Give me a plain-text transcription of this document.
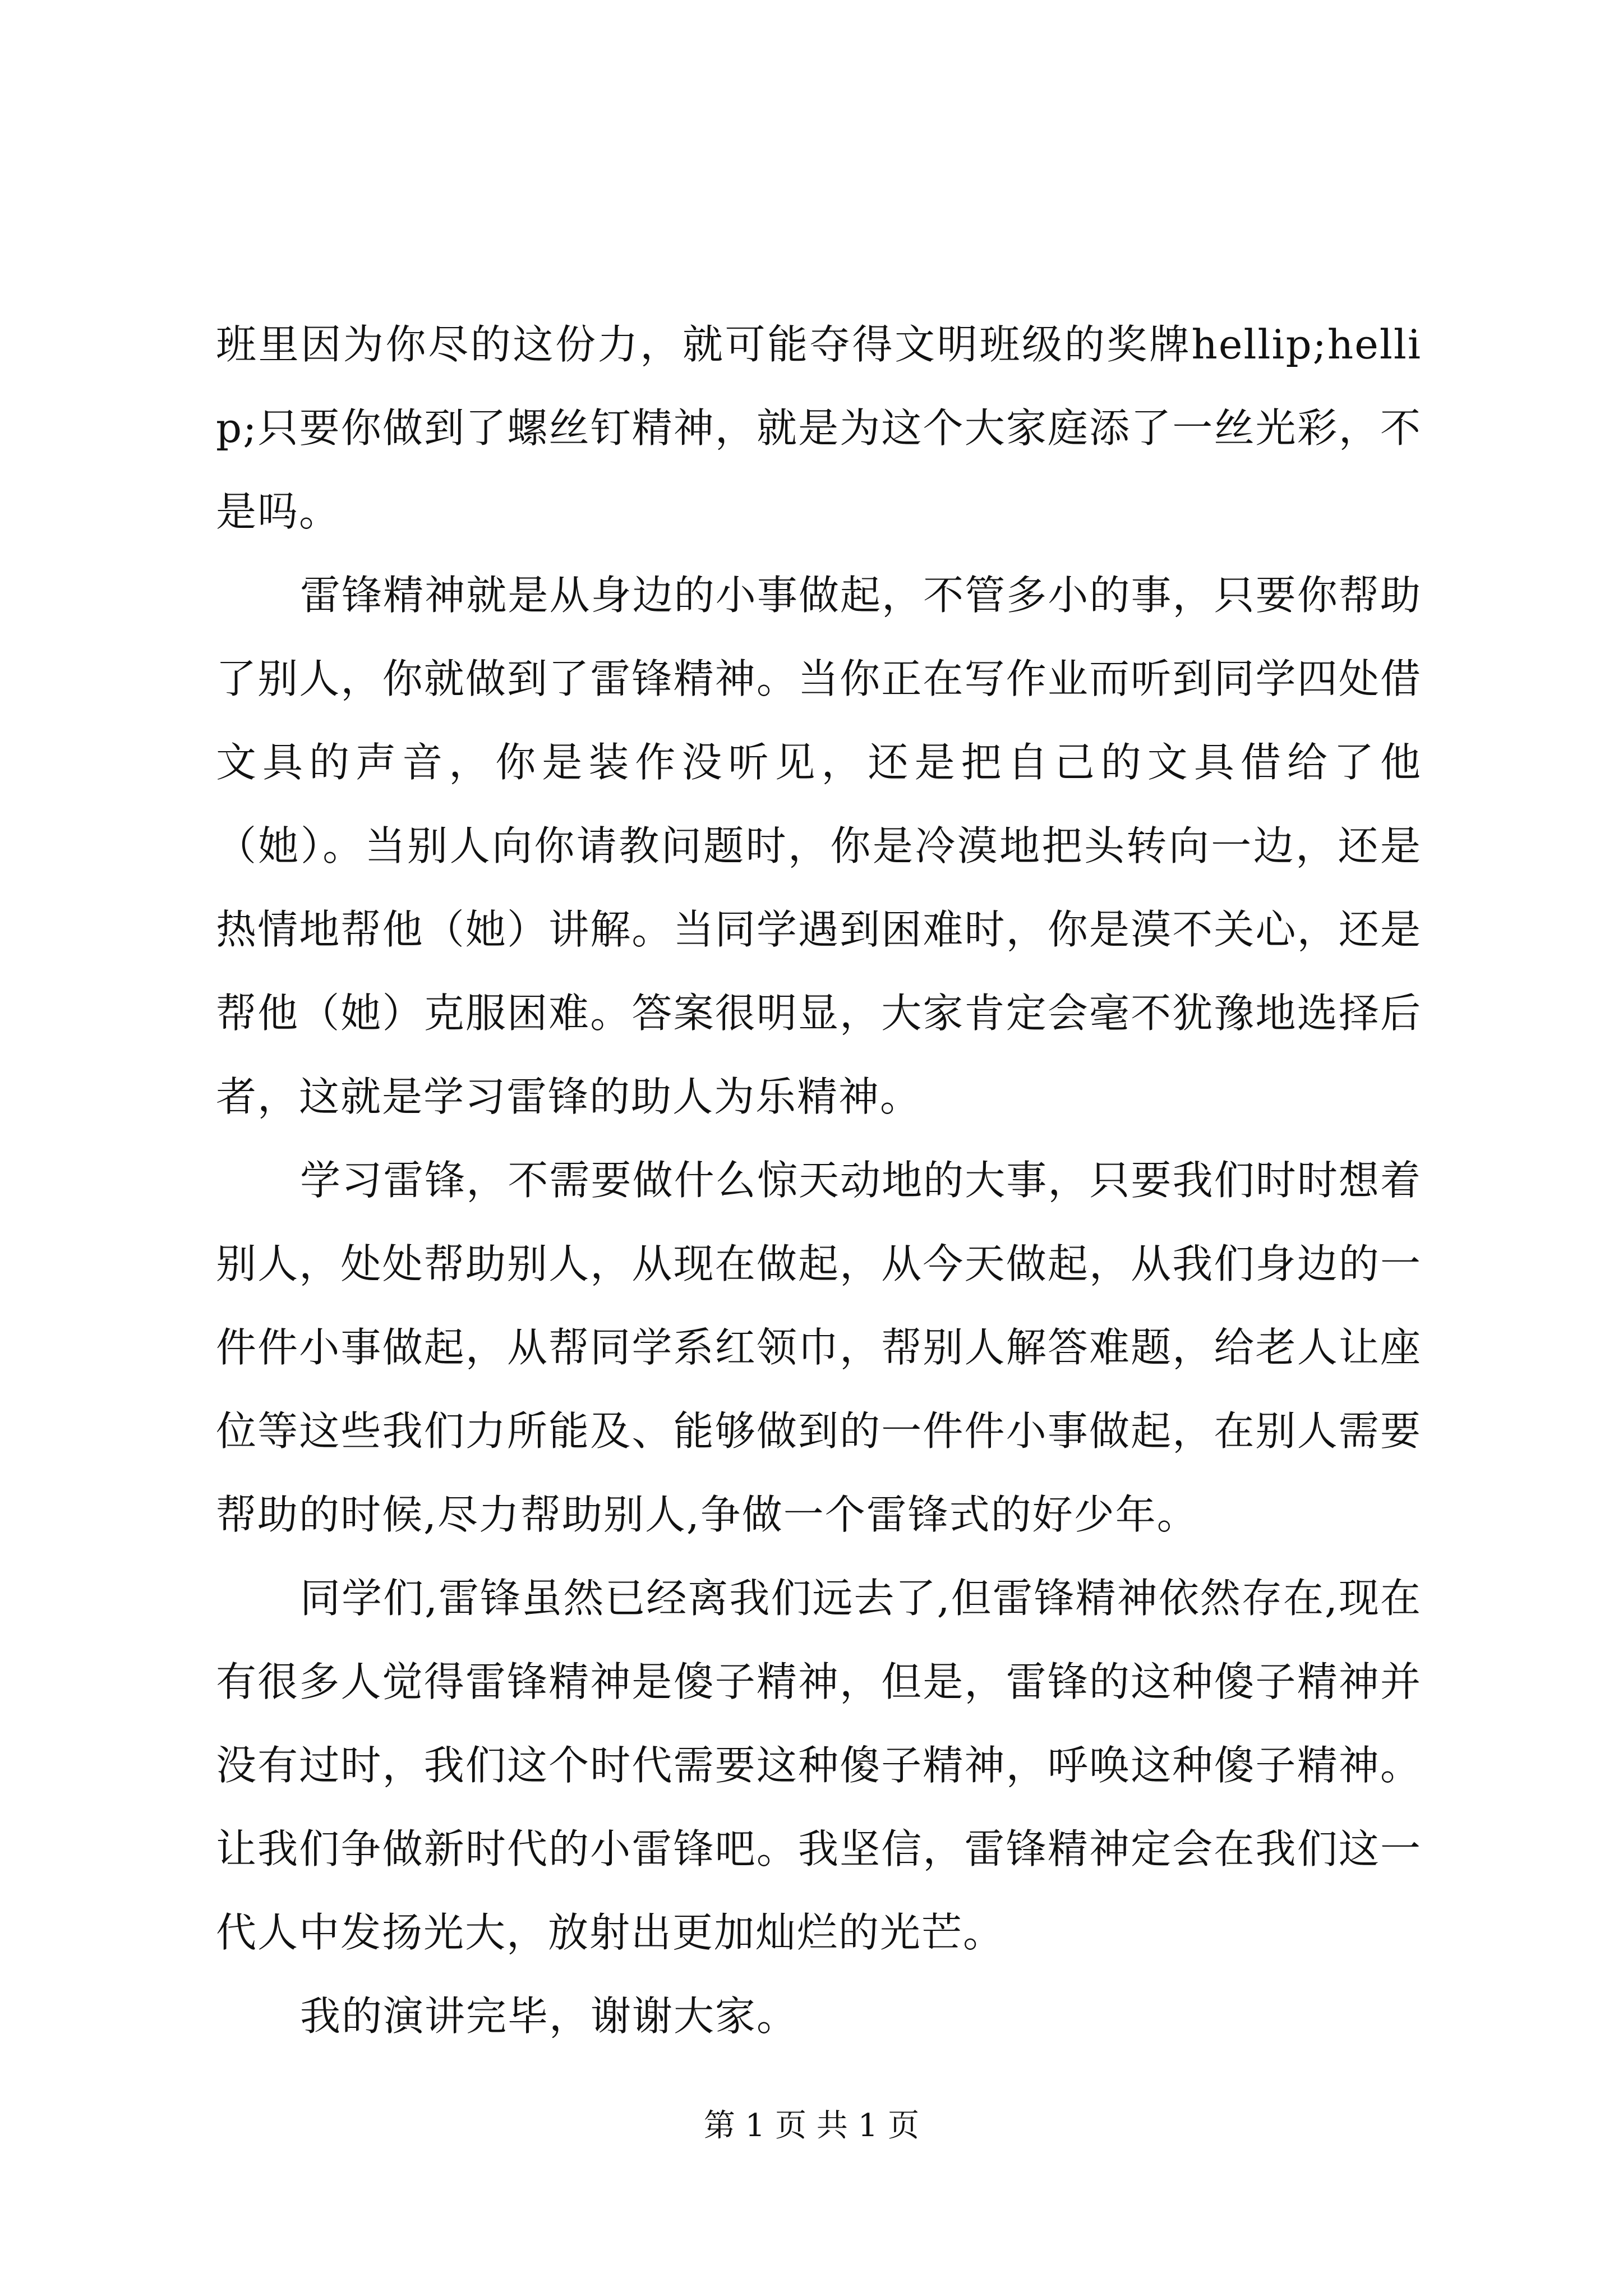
班里因为你尽的这份力，就可能夺得文明班级的奖牌hellip;hellip;只要你做到了螺丝钉精神，就是为这个大家庭添了一丝光彩，不是吗。

雷锋精神就是从身边的小事做起，不管多小的事，只要你帮助了别人，你就做到了雷锋精神。当你正在写作业而听到同学四处借文具的声音，你是装作没听见，还是把自己的文具借给了他（她）。当别人向你请教问题时，你是冷漠地把头转向一边，还是热情地帮他（她）讲解。当同学遇到困难时，你是漠不关心，还是帮他（她）克服困难。答案很明显，大家肯定会毫不犹豫地选择后者，这就是学习雷锋的助人为乐精神。

学习雷锋，不需要做什么惊天动地的大事，只要我们时时想着别人，处处帮助别人，从现在做起，从今天做起，从我们身边的一件件小事做起，从帮同学系红领巾，帮别人解答难题，给老人让座位等这些我们力所能及、能够做到的一件件小事做起，在别人需要帮助的时候,尽力帮助别人,争做一个雷锋式的好少年。

同学们,雷锋虽然已经离我们远去了,但雷锋精神依然存在,现在有很多人觉得雷锋精神是傻子精神，但是，雷锋的这种傻子精神并没有过时，我们这个时代需要这种傻子精神，呼唤这种傻子精神。让我们争做新时代的小雷锋吧。我坚信，雷锋精神定会在我们这一代人中发扬光大，放射出更加灿烂的光芒。

我的演讲完毕，谢谢大家。

第 1 页 共 1 页
